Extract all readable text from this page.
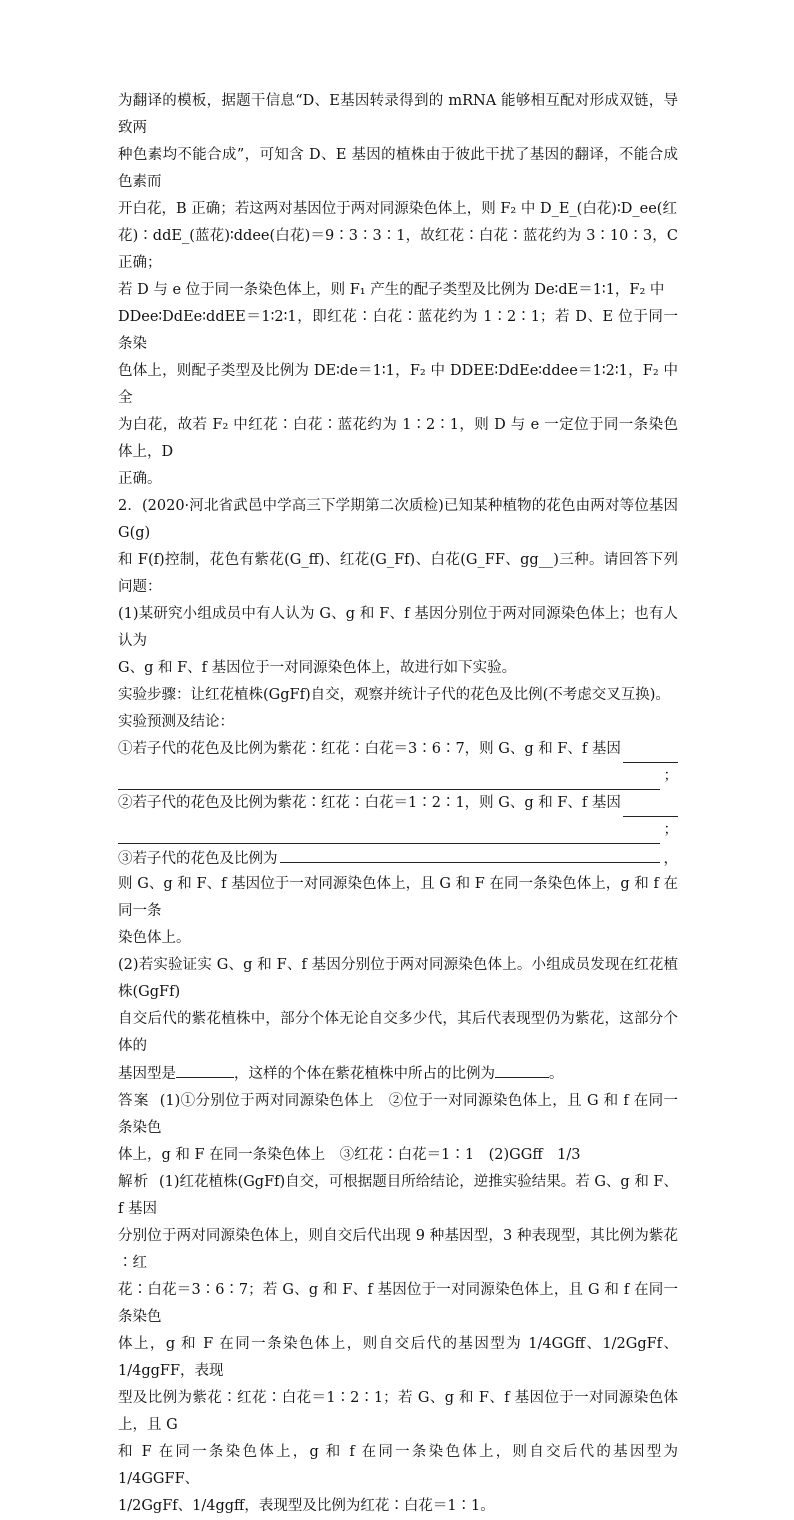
为翻译的模板，据题干信息“D、E基因转录得到的 mRNA 能够相互配对形成双链，导致两

种色素均不能合成”，可知含 D、E 基因的植株由于彼此干扰了基因的翻译，不能合成色素而

开白花，B 正确；若这两对基因位于两对同源染色体上，则 F₂ 中 D_E_(白花)∶D_ee(红

花)∶ddE_(蓝花)∶ddee(白花)＝9∶3∶3∶1，故红花∶白花∶蓝花约为 3∶10∶3，C 正确；

若 D 与 e 位于同一条染色体上，则 F₁ 产生的配子类型及比例为 De∶dE＝1∶1，F₂ 中

DDee∶DdEe∶ddEE＝1∶2∶1，即红花∶白花∶蓝花约为 1∶2∶1；若 D、E 位于同一条染

色体上，则配子类型及比例为 DE∶de＝1∶1，F₂ 中 DDEE∶DdEe∶ddee＝1∶2∶1，F₂ 中全

为白花，故若 F₂ 中红花∶白花∶蓝花约为 1∶2∶1，则 D 与 e 一定位于同一条染色体上，D

正确。

2．(2020·河北省武邑中学高三下学期第二次质检)已知某种植物的花色由两对等位基因 G(g)

和 F(f)控制，花色有紫花(G_ff)、红花(G_Ff)、白花(G_FF、gg__)三种。请回答下列问题：

(1)某研究小组成员中有人认为 G、g 和 F、f 基因分别位于两对同源染色体上；也有人认为

G、g 和 F、f 基因位于一对同源染色体上，故进行如下实验。

实验步骤：让红花植株(GgFf)自交，观察并统计子代的花色及比例(不考虑交叉互换)。

实验预测及结论：

①若子代的花色及比例为紫花∶红花∶白花＝3∶6∶7，则 G、g 和 F、f 基因
；
②若子代的花色及比例为紫花∶红花∶白花＝1∶2∶1，则 G、g 和 F、f 基因
；
③若子代的花色及比例为	，

则 G、g 和 F、f 基因位于一对同源染色体上，且 G 和 F 在同一条染色体上，g 和 f 在同一条

染色体上。

(2)若实验证实 G、g 和 F、f 基因分别位于两对同源染色体上。小组成员发现在红花植株(GgFf)

自交后代的紫花植株中，部分个体无论自交多少代，其后代表现型仍为紫花，这部分个体的

基因型是	，这样的个体在紫花植株中所占的比例为	。

答案 (1)①分别位于两对同源染色体上　②位于一对同源染色体上，且 G 和 f 在同一条染色

体上，g 和 F 在同一条染色体上　③红花∶白花＝1∶1　(2)GGff　1/3

解析 (1)红花植株(GgFf)自交，可根据题目所给结论，逆推实验结果。若 G、g 和 F、f 基因

分别位于两对同源染色体上，则自交后代出现 9 种基因型，3 种表现型，其比例为紫花∶红

花∶白花＝3∶6∶7；若 G、g 和 F、f 基因位于一对同源染色体上，且 G 和 f 在同一条染色

体上，g 和 F 在同一条染色体上，则自交后代的基因型为 1/4GGff、1/2GgFf、1/4ggFF，表现

型及比例为紫花∶红花∶白花＝1∶2∶1；若 G、g 和 F、f 基因位于一对同源染色体上，且 G

和 F 在同一条染色体上，g 和 f 在同一条染色体上，则自交后代的基因型为 1/4GGFF、

1/2GgFf、1/4ggff，表现型及比例为红花∶白花＝1∶1。
